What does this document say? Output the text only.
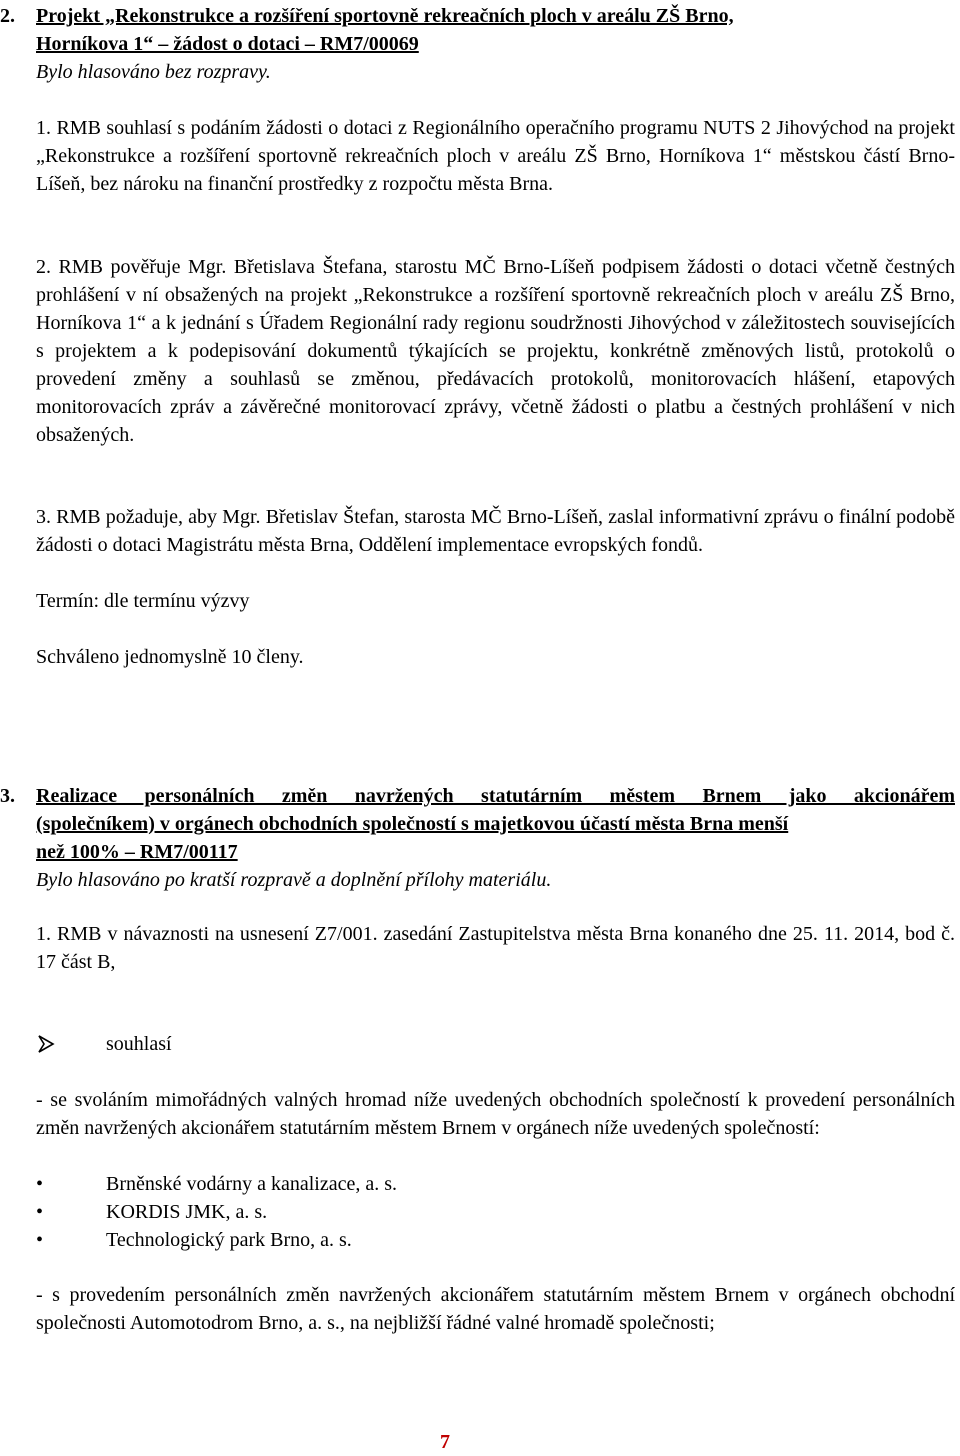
2. Projekt „Rekonstrukce a rozšíření sportovně rekreačních ploch v areálu ZŠ Brno,
Horníkova 1“ – žádost o dotaci – RM7/00069
Bylo hlasováno bez rozpravy.
1. RMB souhlasí s podáním žádosti o dotaci z Regionálního operačního programu NUTS 2 Jihovýchod na projekt „Rekonstrukce a rozšíření sportovně rekreačních ploch v areálu ZŠ Brno, Horníkova 1“ městskou částí Brno-Líšeň, bez nároku na finanční prostředky z rozpočtu města Brna.
2. RMB pověřuje Mgr. Břetislava Štefana, starostu MČ Brno-Líšeň podpisem žádosti o dotaci včetně čestných prohlášení v ní obsažených na projekt „Rekonstrukce a rozšíření sportovně rekreačních ploch v areálu ZŠ Brno, Horníkova 1“ a k jednání s Úřadem Regionální rady regionu soudržnosti Jihovýchod v záležitostech souvisejících s projektem a k podepisování dokumentů týkajících se projektu, konkrétně změnových listů, protokolů o provedení změny a souhlasů se změnou, předávacích protokolů, monitorovacích hlášení, etapových monitorovacích zpráv a závěrečné monitorovací zprávy, včetně žádosti o platbu a čestných prohlášení v nich obsažených.
3. RMB požaduje, aby Mgr. Břetislav Štefan, starosta MČ Brno-Líšeň, zaslal informativní zprávu o finální podobě žádosti o dotaci Magistrátu města Brna, Oddělení implementace evropských fondů.
Termín: dle termínu výzvy
Schváleno jednomyslně 10 členy.
3. Realizace personálních změn navržených statutárním městem Brnem jako akcionářem
(společníkem) v orgánech obchodních společností s majetkovou účastí města Brna menší
než 100% – RM7/00117
Bylo hlasováno po kratší rozpravě a doplnění přílohy materiálu.
1. RMB v návaznosti na usnesení Z7/001. zasedání Zastupitelstva města Brna konaného dne 25. 11. 2014, bod č. 17 část B,
souhlasí
- se svoláním mimořádných valných hromad níže uvedených obchodních společností k provedení personálních změn navržených akcionářem statutárním městem Brnem v orgánech níže uvedených společností:
•	Brněnské vodárny a kanalizace, a. s.
•	KORDIS JMK, a. s.
•	Technologický park Brno, a. s.
- s provedením personálních změn navržených akcionářem statutárním městem Brnem v orgánech obchodní společnosti Automotodrom Brno, a. s., na nejbližší řádné valné hromadě společnosti;
7
